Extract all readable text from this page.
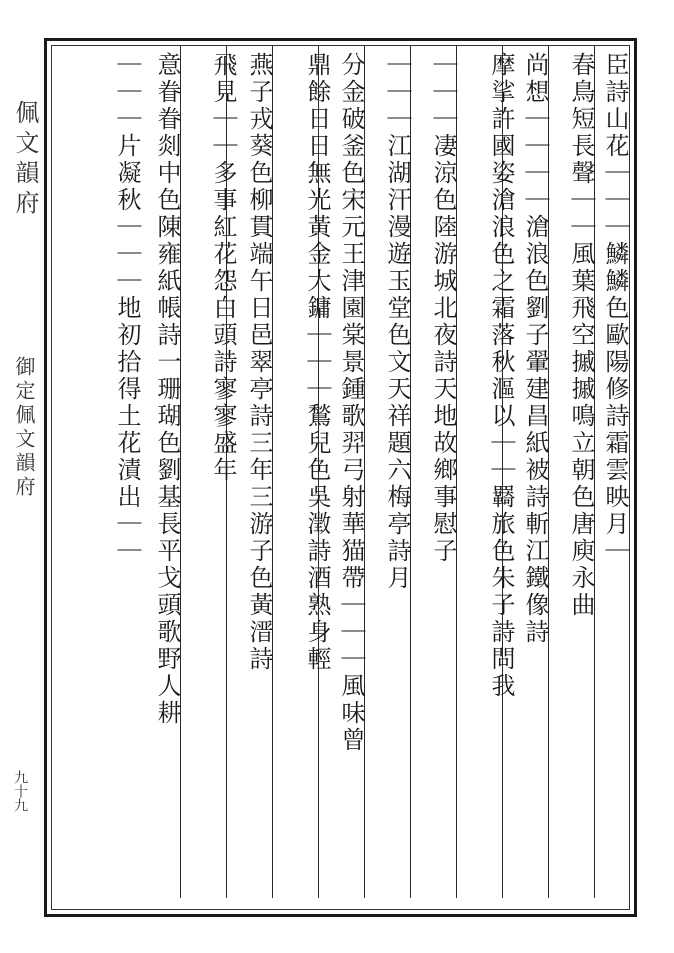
佩文韻府
御定佩文韻府
九十九
臣詩山花｜｜｜鱗鱗色歐陽修詩霜雲映月｜
春鳥短長聲｜｜風葉飛空摵摵鳴立朝色唐庾永曲
尚想｜｜｜｜滄浪色劉子翬建昌紙被詩斬江鐵像詩
摩挲許國姿滄浪色之霜落秋漚以｜｜羇旅色朱子詩問我
｜｜｜凄涼色陸游城北夜詩天地故鄉事慰子
｜｜｜江湖汗漫遊玉堂色文天祥題六梅亭詩月
分金破釜色宋元王津園棠景鍾歌羿弓射華猫帶｜｜｜風味曾
鼎餘日日無光黃金大鏞｜｜｜鶖兒色吳澂詩酒熟身輕
燕子戎葵色柳貫端午日邑翠亭詩三年三游子色黃溍詩
飛見｜｜多事紅花怨白頭詩寥寥盛年
意眷眷剡中色陳雍紙帳詩一珊瑚色劉基長平戈頭歌野人耕
｜｜｜片凝秋｜｜｜地初拾得土花漬出｜｜
